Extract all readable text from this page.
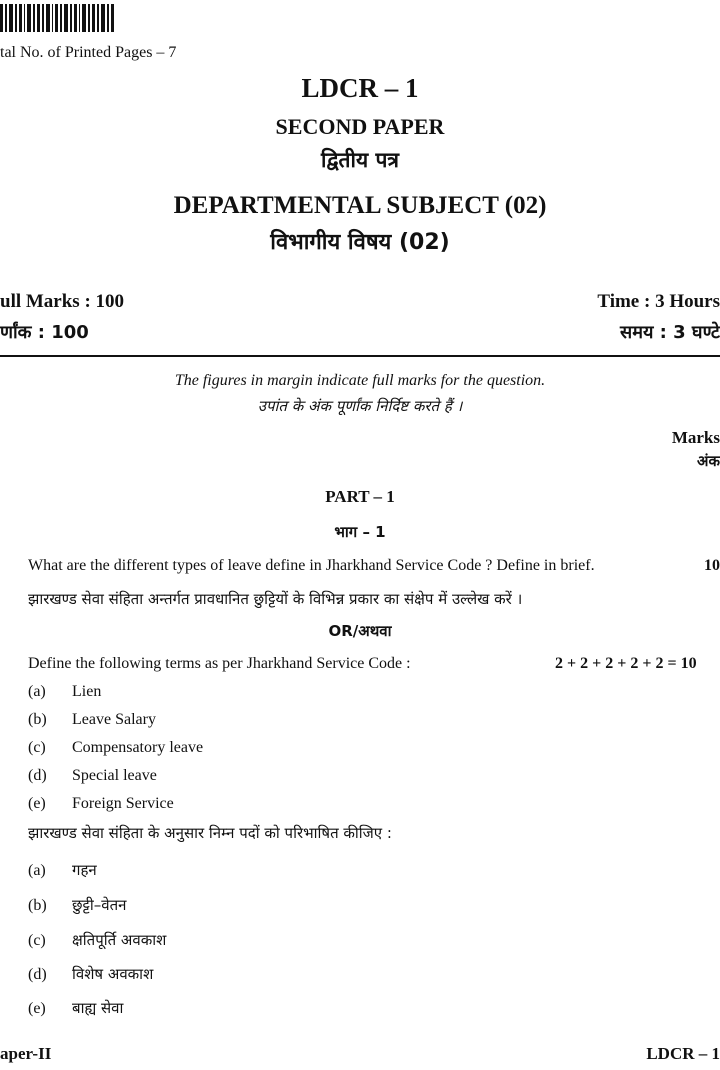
tal No. of Printed Pages – 7
LDCR – 1
SECOND PAPER
द्वितीय पत्र
DEPARTMENTAL SUBJECT (02)
विभागीय विषय (02)
ull Marks : 100
र्णांक : 100
Time : 3 Hours
समय : 3 घण्टे
The figures in margin indicate full marks for the question.
उपांत के अंक पूर्णांक निर्दिष्ट करते हैं ।
Marks
अंक
PART – 1
भाग – 1
What are the different types of leave define in Jharkhand Service Code ? Define in brief.	10
झारखण्ड सेवा संहिता अन्तर्गत प्रावधानित छुट्टियों के विभिन्न प्रकार का संक्षेप में उल्लेख करें ।
OR/अथवा
Define the following terms as per Jharkhand Service Code :	2 + 2 + 2 + 2 + 2 = 10
(a) Lien
(b) Leave Salary
(c) Compensatory leave
(d) Special leave
(e) Foreign Service
झारखण्ड सेवा संहिता के अनुसार निम्न पदों को परिभाषित कीजिए :
(a) गहन
(b) छुट्टी–वेतन
(c) क्षतिपूर्ति अवकाश
(d) विशेष अवकाश
(e) बाह्य सेवा
aper-II	LDCR – 1
